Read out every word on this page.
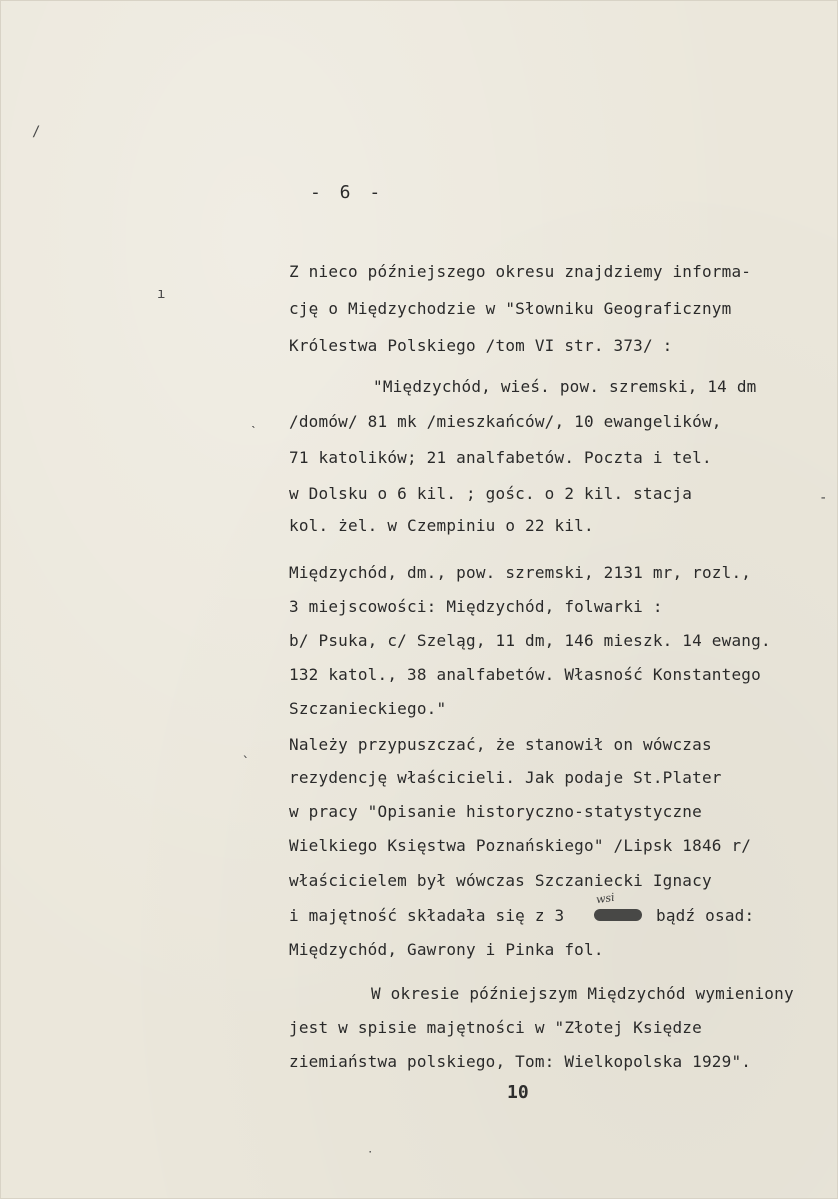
- 6 -
Z nieco późniejszego okresu znajdziemy informa-
cję o Międzychodzie w "Słowniku Geograficznym
Królestwa Polskiego /tom VI str. 373/ :
"Międzychód, wieś. pow. szremski, 14 dm
/domów/ 81 mk /mieszkańców/, 10 ewangelików,
71 katolików; 21 analfabetów. Poczta i tel.
w Dolsku o 6 kil. ; gośc. o 2 kil. stacja
kol. żel. w Czempiniu o 22 kil.
Międzychód, dm., pow. szremski, 2131 mr, rozl.,
3 miejscowości: Międzychód, folwarki :
b/ Psuka, c/ Szeląg, 11 dm, 146 mieszk. 14 ewang.
132 katol., 38 analfabetów. Własność Konstantego
Szczanieckiego."
Należy przypuszczać, że stanowił on wówczas
rezydencję właścicieli. Jak podaje St.Plater
w pracy "Opisanie historyczno-statystyczne
Wielkiego Księstwa Poznańskiego" /Lipsk 1846 r/
właścicielem był wówczas Szczaniecki Ignacy
i majętność składała się z 3
wsi
bądź osad:
Międzychód, Gawrony i Pinka fol.
W okresie późniejszym Międzychód wymieniony
jest w spisie majętności w "Złotej Księdze
ziemiaństwa polskiego, Tom: Wielkopolska 1929".
10
/
ı
˴
ˎ
-
˙
